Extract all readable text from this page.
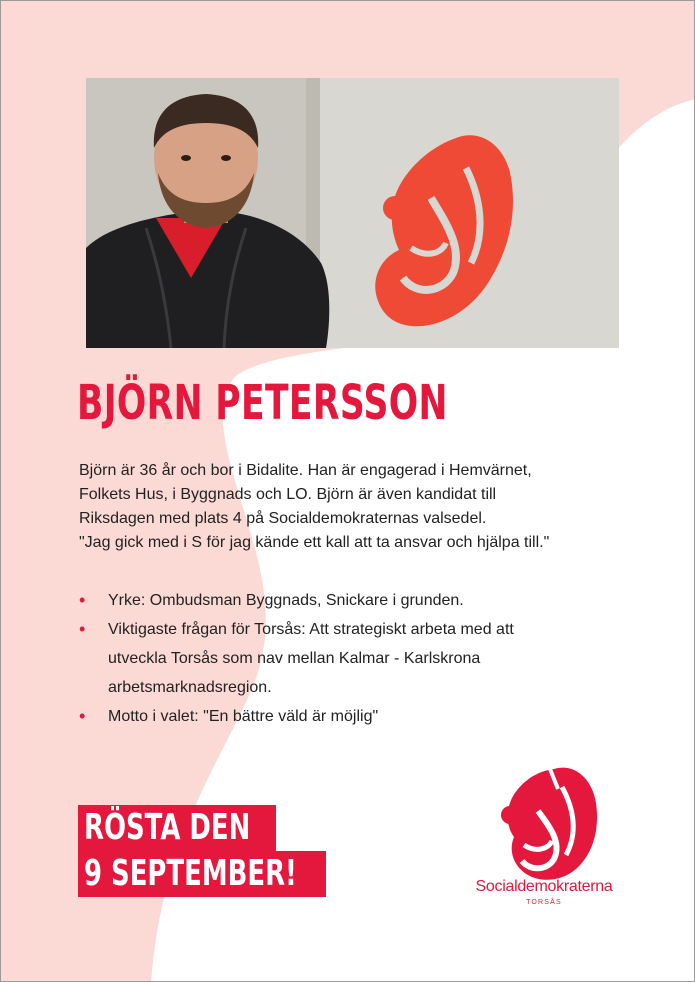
BJÖRN PETERSSON

Björn är 36 år och bor i Bidalite. Han är engagerad i Hemvärnet,

Folkets Hus, i Byggnads och LO. Björn är även kandidat till

Riksdagen med plats 4 på Socialdemokraternas valsedel.

"Jag gick med i S för jag kände ett kall att ta ansvar och hjälpa till."

•	Yrke: Ombudsman Byggnads, Snickare i grunden.
•	Viktigaste frågan för Torsås: Att strategiskt arbeta med att
utveckla Torsås som nav mellan Kalmar - Karlskrona
arbetsmarknadsregion.
•	Motto i valet: "En bättre väld är möjlig"
RÖSTA DEN
9 SEPTEMBER!	Socialdemokraterna
TORSÅS
